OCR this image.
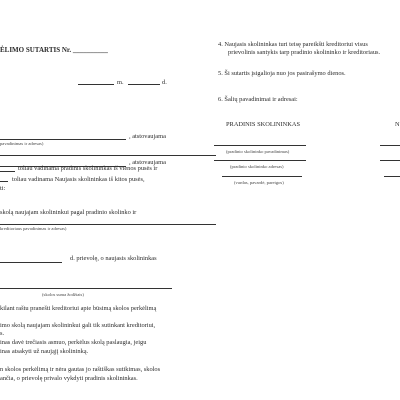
ĖLIMO SUTARTIS Nr. __________
m.	d.
pavadinimas ir adresas)
, atstovaujama
toliau vadinama pradinis skolininkas iš vienos pusės ir
, atstovaujama
toliau vadinama Naujasis skolininkas iš kitos pusės,
ti:
skolą naujajam skolininkui pagal pradinio skolinko ir
kreditoriaus pavadinimas ir adresas)
d. prievolę, o naujasis skolininkas
(skolos suma žodžiais)
kilant raštu pranešti kreditoriui apie būsimą skolos perkėlimą
imo skolą naujajam skolininkui gali tik sutinkant kreditoriui,
s.
inas davė trečiasis asmuo, perkėlus skolą paslaugia, jeigu
inas atsakyti už naująjį skolininką.
n skolos perkėlimą ir nėra gautas jo raštiškas sutikimas, skolos
ančia, o prievolę privalo vykdyti pradinis skolininkas.
4. Naujasis skolininkas turi teisę pareikšti kreditoriui visus
prievolinis santykis tarp pradinio skolininko ir kreditoriaus.
5. Ši sutartis įsigalioja nuo jos pasirašymo dienos.
6. Šalių pavadinimai ir adresai:
PRADINIS SKOLININKAS	N
(pradinio skolininko pavadinimas)
(pradinio skolininko adresas)
(vardas, pavardė, pareigos)
